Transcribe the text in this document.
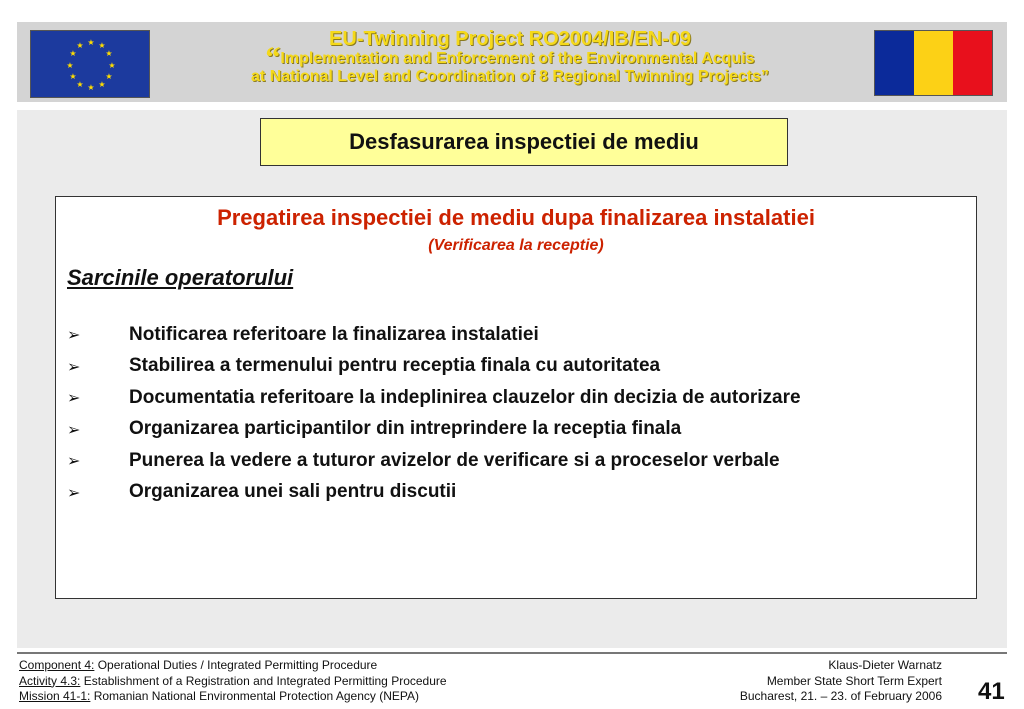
★ ★
★
★
★
★
★
★
★
★
★
★	EU-Twinning Project RO2004/IB/EN-09
“Implementation and Enforcement of the Environmental Acquis
at National Level and Coordination of 8 Regional Twinning Projects”
Desfasurarea inspectiei de mediu
Pregatirea inspectiei de mediu dupa finalizarea instalatiei
(Verificarea la receptie)
Sarcinile operatorului
➢	Notificarea referitoare la finalizarea instalatiei
➢	Stabilirea a termenului pentru receptia finala cu autoritatea
➢	Documentatia referitoare la indeplinirea clauzelor din decizia de autorizare
➢	Organizarea participantilor din intreprindere la receptia finala
➢	Punerea la vedere a tuturor avizelor de verificare si a proceselor verbale
➢	Organizarea unei sali pentru discutii
Component 4: Operational Duties / Integrated Permitting Procedure
Activity 4.3: Establishment of a Registration and Integrated Permitting Procedure
Mission 41-1: Romanian National Environmental Protection Agency (NEPA)
Klaus-Dieter Warnatz
Member State Short Term Expert
Bucharest, 21. – 23. of February 2006 41
